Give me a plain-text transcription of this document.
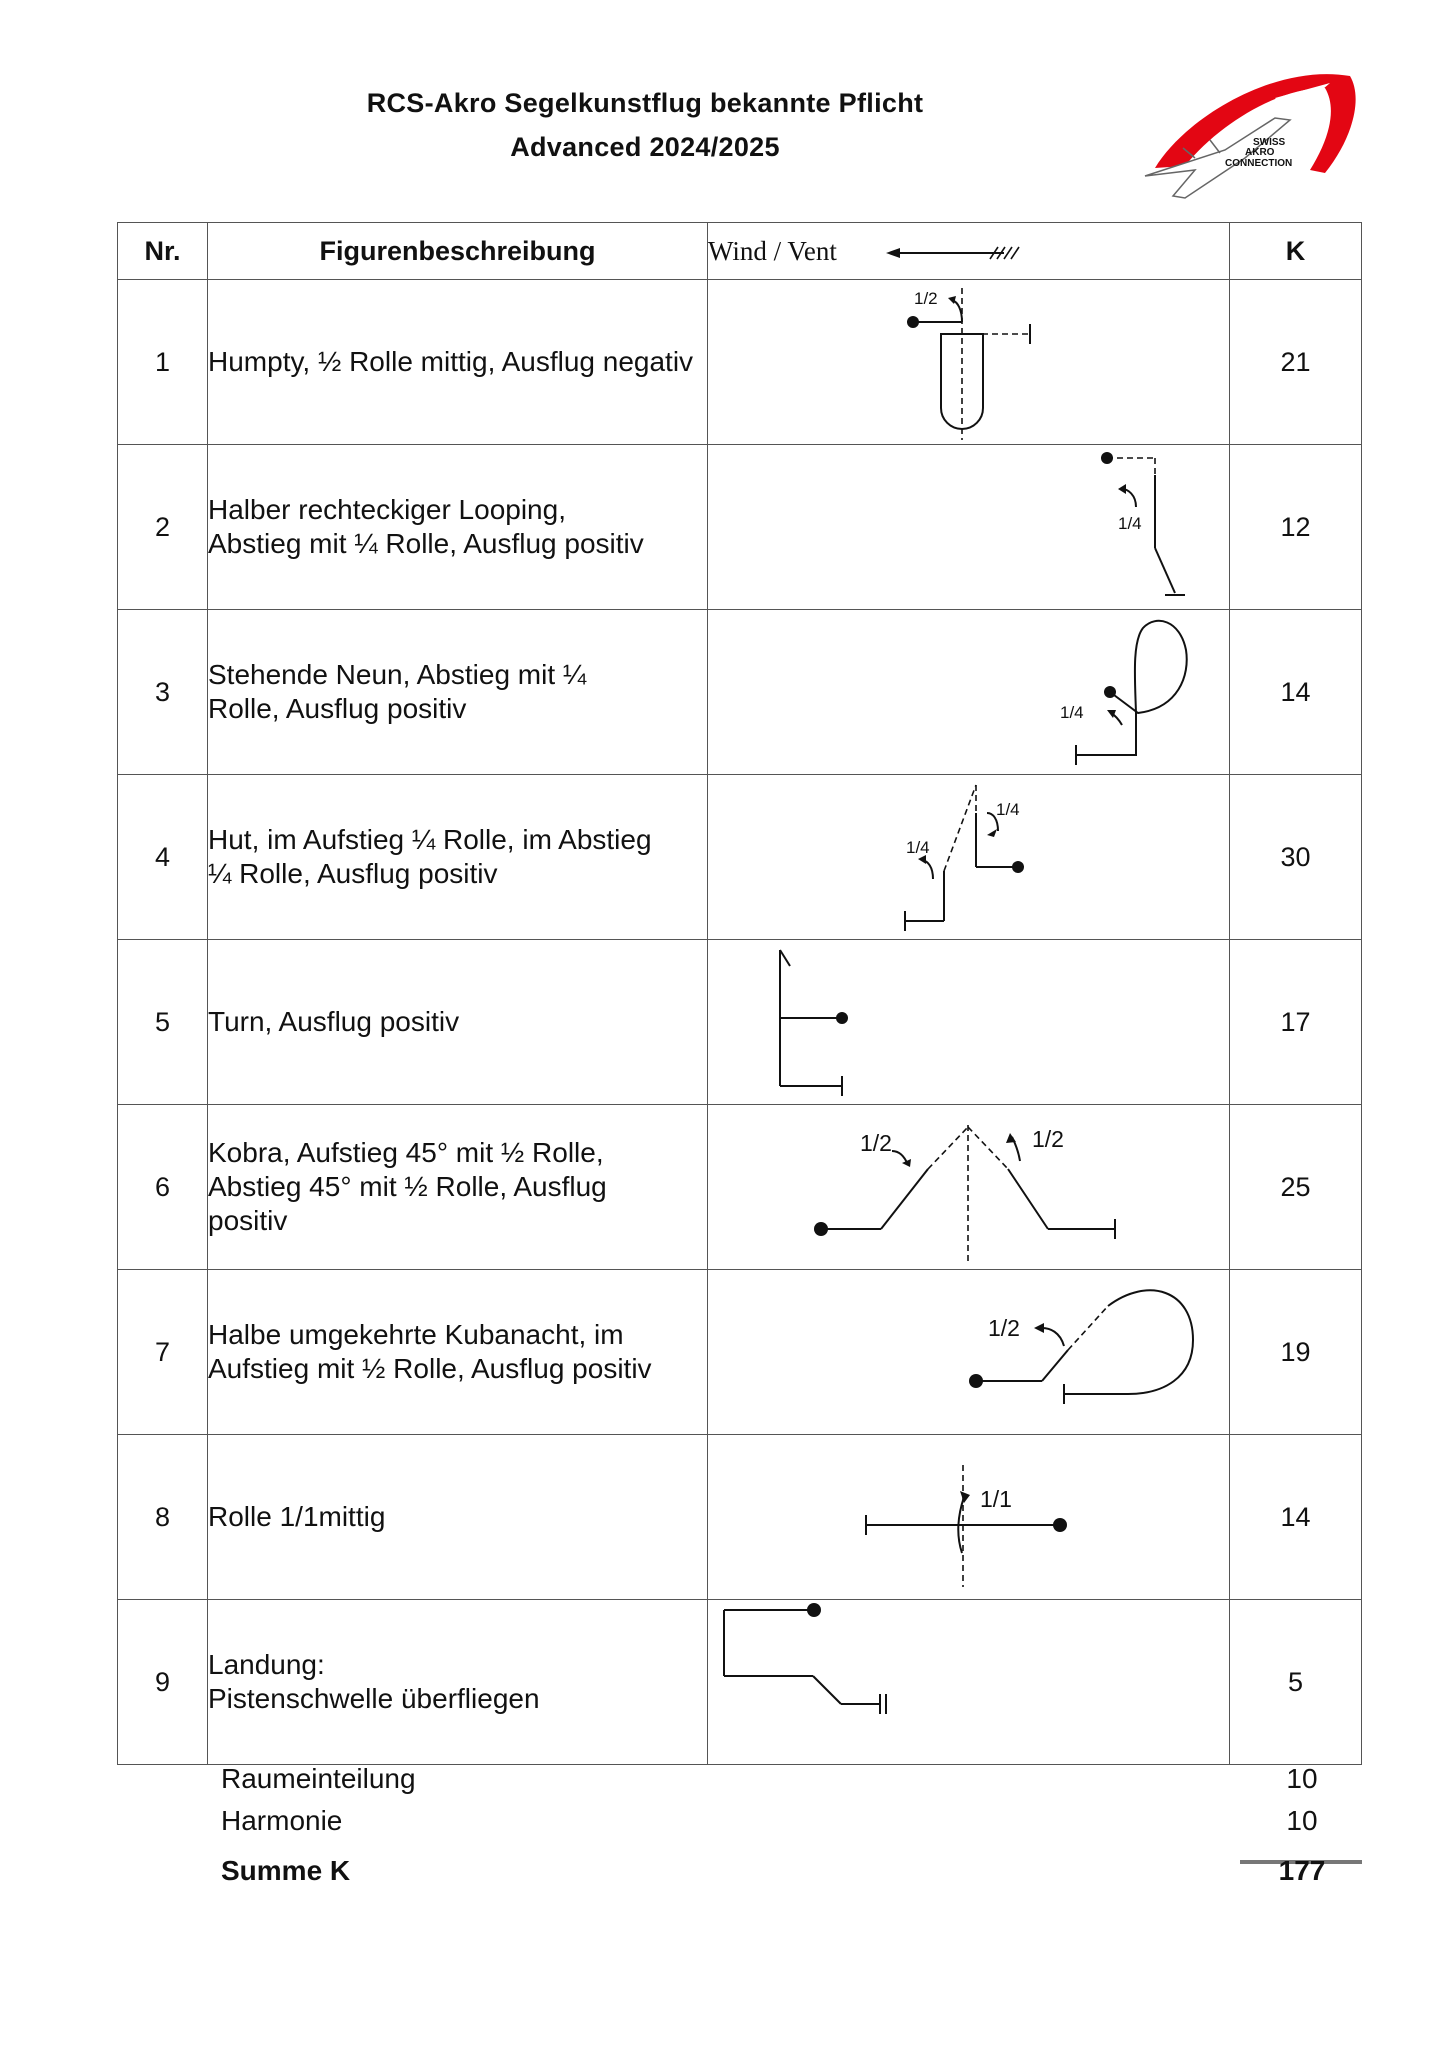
RCS-Akro Segelkunstflug bekannte Pflicht
Advanced 2024/2025	SWISS
AKRO
CONNECTION
Nr.	Figurenbeschreibung	Wind / Vent	K
1	Humpty, ½ Rolle mittig, Ausflug negativ	1/2	21
2	Halber rechteckiger Looping,
Abstieg mit ¼ Rolle, Ausflug positiv	1/4	12
3	Stehende Neun, Abstieg mit ¼
Rolle, Ausflug positiv	1/4	14
4	Hut, im Aufstieg ¼ Rolle, im Abstieg
¼ Rolle, Ausflug positiv	1/4
1/4	30
5	Turn, Ausflug positiv		17
6	Kobra, Aufstieg 45° mit ½ Rolle,
Abstieg 45° mit ½ Rolle, Ausflug
positiv	1/2 1/2	25
7	Halbe umgekehrte Kubanacht, im
Aufstieg mit ½ Rolle, Ausflug positiv	1/2	19
8	Rolle 1/1mittig	1/1	14
9	Landung:
Pistenschwelle überfliegen		5
Raumeinteilung	10
Harmonie	10
Summe K	177
